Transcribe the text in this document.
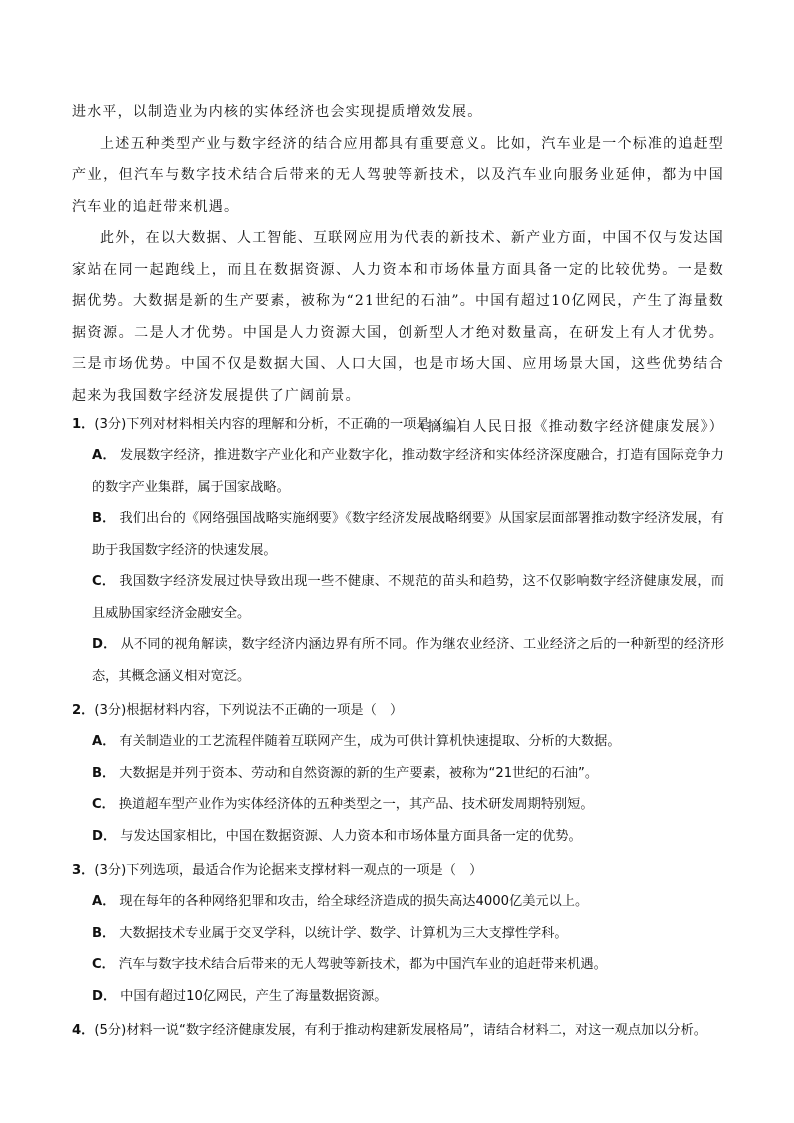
进水平，以制造业为内核的实体经济也会实现提质增效发展。

上述五种类型产业与数字经济的结合应用都具有重要意义。比如，汽车业是一个标准的追赶型产业，但汽车与数字技术结合后带来的无人驾驶等新技术，以及汽车业向服务业延伸，都为中国汽车业的追赶带来机遇。

此外，在以大数据、人工智能、互联网应用为代表的新技术、新产业方面，中国不仅与发达国家站在同一起跑线上，而且在数据资源、人力资本和市场体量方面具备一定的比较优势。一是数据优势。大数据是新的生产要素，被称为“21世纪的石油”。中国有超过10亿网民，产生了海量数据资源。二是人才优势。中国是人力资源大国，创新型人才绝对数量高，在研发上有人才优势。三是市场优势。中国不仅是数据大国、人口大国，也是市场大国、应用场景大国，这些优势结合起来为我国数字经济发展提供了广阔前景。

（摘编自人民日报《推动数字经济健康发展》）

1．(3分)下列对材料相关内容的理解和分析，不正确的一项是（　）
A． 发展数字经济，推进数字产业化和产业数字化，推动数字经济和实体经济深度融合，打造有国际竞争力的数字产业集群，属于国家战略。
B． 我们出台的《网络强国战略实施纲要》《数字经济发展战略纲要》从国家层面部署推动数字经济发展，有助于我国数字经济的快速发展。
C． 我国数字经济发展过快导致出现一些不健康、不规范的苗头和趋势，这不仅影响数字经济健康发展，而且威胁国家经济金融安全。
D． 从不同的视角解读，数字经济内涵边界有所不同。作为继农业经济、工业经济之后的一种新型的经济形态，其概念涵义相对宽泛。
2．(3分)根据材料内容，下列说法不正确的一项是（　）
A． 有关制造业的工艺流程伴随着互联网产生，成为可供计算机快速提取、分析的大数据。
B． 大数据是并列于资本、劳动和自然资源的新的生产要素，被称为“21世纪的石油”。
C． 换道超车型产业作为实体经济体的五种类型之一，其产品、技术研发周期特别短。
D． 与发达国家相比，中国在数据资源、人力资本和市场体量方面具备一定的优势。
3．(3分)下列选项，最适合作为论据来支撑材料一观点的一项是（　）
A． 现在每年的各种网络犯罪和攻击，给全球经济造成的损失高达4000亿美元以上。
B． 大数据技术专业属于交叉学科，以统计学、数学、计算机为三大支撑性学科。
C． 汽车与数字技术结合后带来的无人驾驶等新技术，都为中国汽车业的追赶带来机遇。
D． 中国有超过10亿网民，产生了海量数据资源。
4．(5分)材料一说“数字经济健康发展，有利于推动构建新发展格局”，请结合材料二，对这一观点加以分析。
